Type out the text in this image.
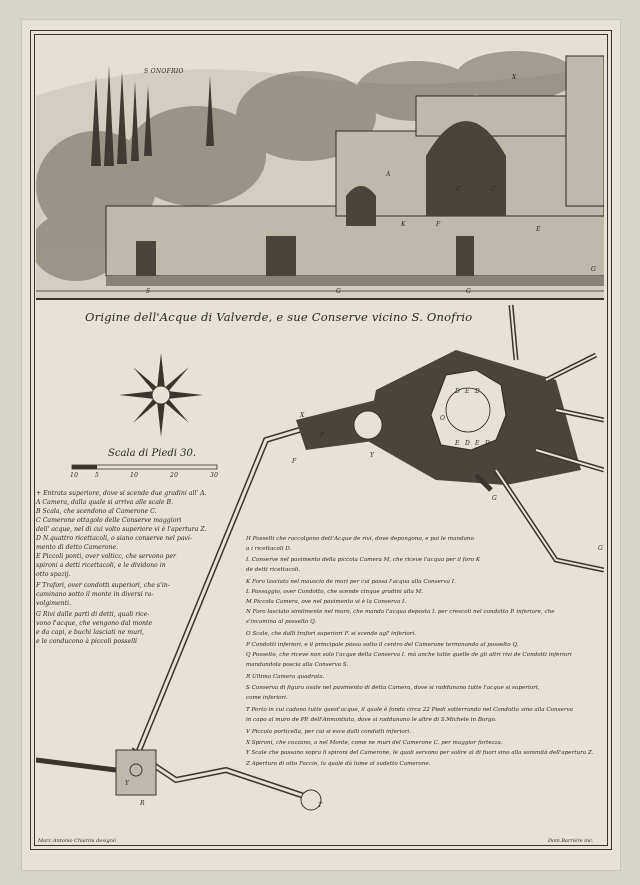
S ONOFRIO
A
C	C
K
S	G	G
G
E
F
X
Origine dell'Acque di Valverde, e sue Conserve vicino S. Onofrio
Scala di Piedi 30.
10	5	10	20	30
X
F
F
G
G
D E D
E D E D
O
Y
R
Y
T
+ Entrata superiore, dove si scende due gradini all' A.
A Camera, dalla quale si arriva alle scale B.
B Scala, che scendono al Camerone C.
C Camerone ottagolo delle Conserve maggiori
dell' acque, nel di cui volto superiore vi è l'apertura Z.
D N.quattro ricettacoli, o siano conserve nel pavi-
mento di detto Camerone.
E Piccoli ponti, over volticc, che servono per
spironi a detti ricettacoli, e le dividono in
otto spazij.
F Trafori, over condotti superiori, che s'in-
caminano sotto il monte in diversi ra-
volgimenti.
G Rivi dalle parti di detti, quali rice-
vono l'acque, che vengono dal monte
e da capi, e buchi lasciati ne muri,
e le conducono à piccoli posselli
H Posselti che raccolgono dett'Acque de rivi, dove depongono, e poi le mandano
a i ricettacoli D.
I. Conserve nel pavimento della piccola Camera M, che riceve l'acqua per il foro K
de detti ricettacoli.
K Foro lasciato nel mauscio de muri per cui passa l'acqua alla Conserva I.
L Passaggio, over Condotto, che scende cinque gradini alla M.
M Piccola Camera, ove nel pavimento vi è la Conserva I.
N Foro lasciato similmente nel muro, che manda l'acqua deposta I. per crescoli nel condotto P. inferiore, che
s'incamina al posselto Q.
O Scale, che dalli trafori superiori F. si scende agl' inferiori.
P Condotti inferiori, e il principale passa sotto il centro del Camerone terminando al posselto Q.
Q Posselto, che riceve non solo l'acque della Conserva I. mà anche tutte quelle de gli altri rivi de Condotti inferiori
mandandola poscia alla Conserva S.
R Ultima Camera quadrata.
S Conserva di figura ovale nel pavimento di detta Camera, dove si raddunano tutte l'acque si superiori,
come inferiori.
T Porto in cui cadono tutte quest'acque, il quale è fondo circa 22 Piedi sotterrando nel Condotto sino alla Conserva
in capo al muro de PP. dell'Annuntiata, dove si raddunano le altre di S.Michele in Borgo.
V Piccola porticella, per cui si esce dalli condotti inferiori.
X Spironi, che cozzano, a nel Monte, come ne muri del Camerone C. per maggior fortezza.
Y Scale che passano sopra li spironi del Camerone, le quali servono per salire al di fuori sino alla sommità dell'apertura Z.
Z Apertura di otto Faccie, la quale dà lume al sudetto Camerone.
Marc Antonio Chiarini designò	Dom.Barrière inc.
